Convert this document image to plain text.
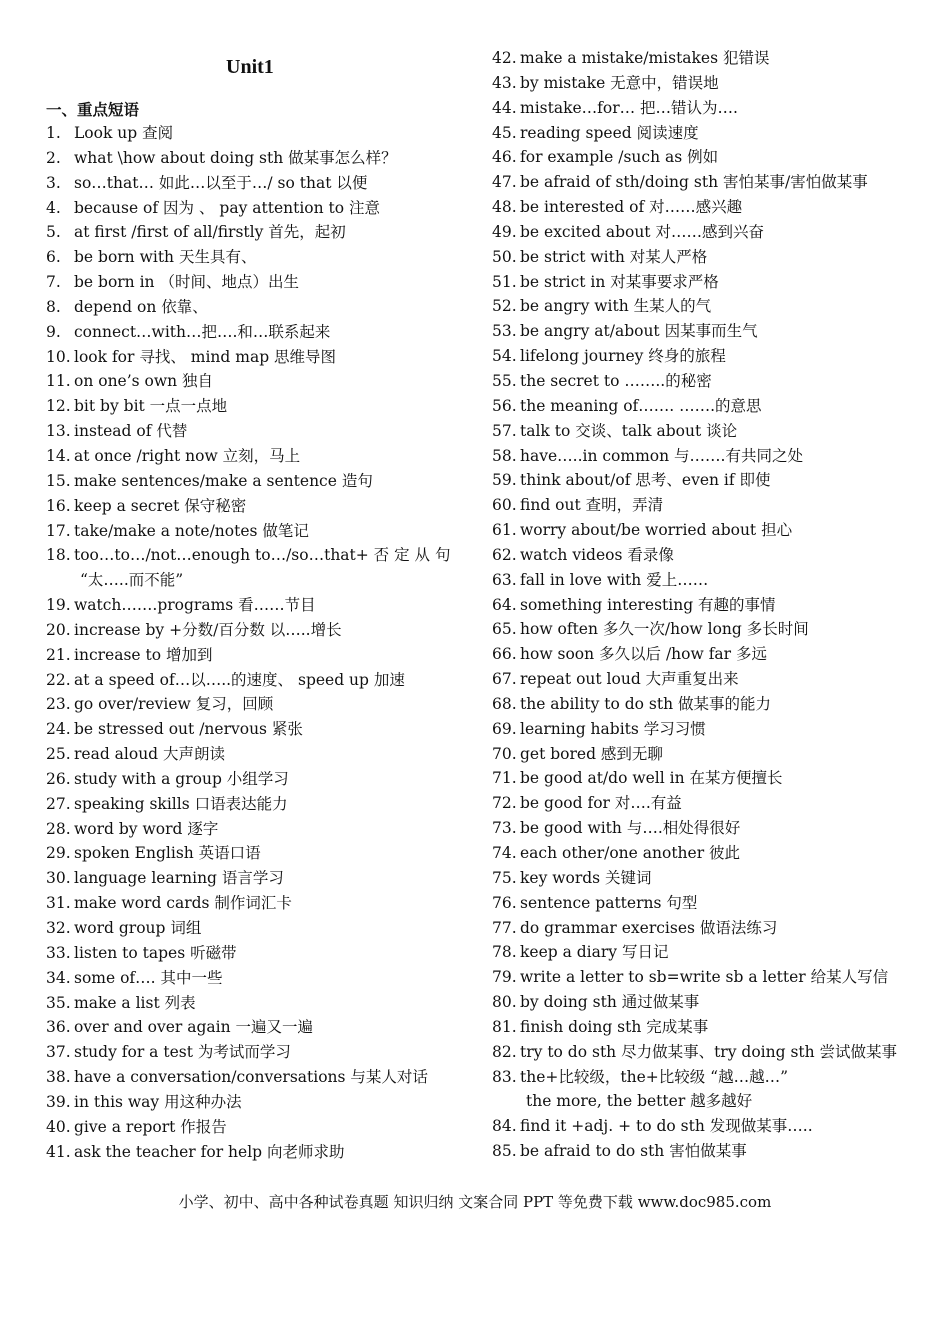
Unit1
一、重点短语
1. Look up 查阅
2. what \how about doing sth 做某事怎么样？
3. so…that… 如此…以至于…/ so that 以便
4. because of 因为 、 pay attention to 注意
5. at first /first of all/firstly 首先，起初
6. be born with 天生具有、
7. be born in （时间、地点）出生
8. depend on 依靠、
9. connect…with…把….和…联系起来
10. look for 寻找、 mind map 思维导图
11. on one’s own 独自
12. bit by bit 一点一点地
13. instead of 代替
14. at once /right now 立刻，马上
15. make sentences/make a sentence 造句
16. keep a secret 保守秘密
17. take/make a note/notes 做笔记
18. too…to…/not…enough to…/so…that+ 否 定 从 句
“太…..而不能”
19. watch…….programs 看……节目
20. increase by +分数/百分数 以…..增长
21. increase to 增加到
22. at a speed of…以…..的速度、 speed up 加速
23. go over/review 复习，回顾
24. be stressed out /nervous 紧张
25. read aloud 大声朗读
26. study with a group 小组学习
27. speaking skills 口语表达能力
28. word by word 逐字
29. spoken English 英语口语
30. language learning 语言学习
31. make word cards 制作词汇卡
32. word group 词组
33. listen to tapes 听磁带
34. some of…. 其中一些
35. make a list 列表
36. over and over again 一遍又一遍
37. study for a test 为考试而学习
38. have a conversation/conversations 与某人对话
39. in this way 用这种办法
40. give a report 作报告
41. ask the teacher for help 向老师求助
42. make a mistake/mistakes 犯错误
43. by mistake 无意中，错误地
44. mistake…for… 把…错认为….
45. reading speed 阅读速度
46. for example /such as 例如
47. be afraid of sth/doing sth 害怕某事/害怕做某事
48. be interested of 对……感兴趣
49. be excited about 对……感到兴奋
50. be strict with 对某人严格
51. be strict in 对某事要求严格
52. be angry with 生某人的气
53. be angry at/about 因某事而生气
54. lifelong journey 终身的旅程
55. the secret to ……..的秘密
56. the meaning of……. …….的意思
57. talk to 交谈、talk about 谈论
58. have…..in common 与…….有共同之处
59. think about/of 思考、even if 即使
60. find out 查明，弄清
61. worry about/be worried about 担心
62. watch videos 看录像
63. fall in love with 爱上……
64. something interesting 有趣的事情
65. how often 多久一次/how long 多长时间
66. how soon 多久以后 /how far 多远
67. repeat out loud 大声重复出来
68. the ability to do sth 做某事的能力
69. learning habits 学习习惯
70. get bored 感到无聊
71. be good at/do well in 在某方便擅长
72. be good for 对….有益
73. be good with 与….相处得很好
74. each other/one another 彼此
75. key words 关键词
76. sentence patterns 句型
77. do grammar exercises 做语法练习
78. keep a diary 写日记
79. write a letter to sb=write sb a letter 给某人写信
80. by doing sth 通过做某事
81. finish doing sth 完成某事
82. try to do sth 尽力做某事、try doing sth 尝试做某事
83. the+比较级，the+比较级 “越…越…”
the more, the better 越多越好
84. find it +adj. + to do sth 发现做某事…..
85. be afraid to do sth 害怕做某事
小学、初中、高中各种试卷真题 知识归纳 文案合同 PPT 等免费下载 www.doc985.com
